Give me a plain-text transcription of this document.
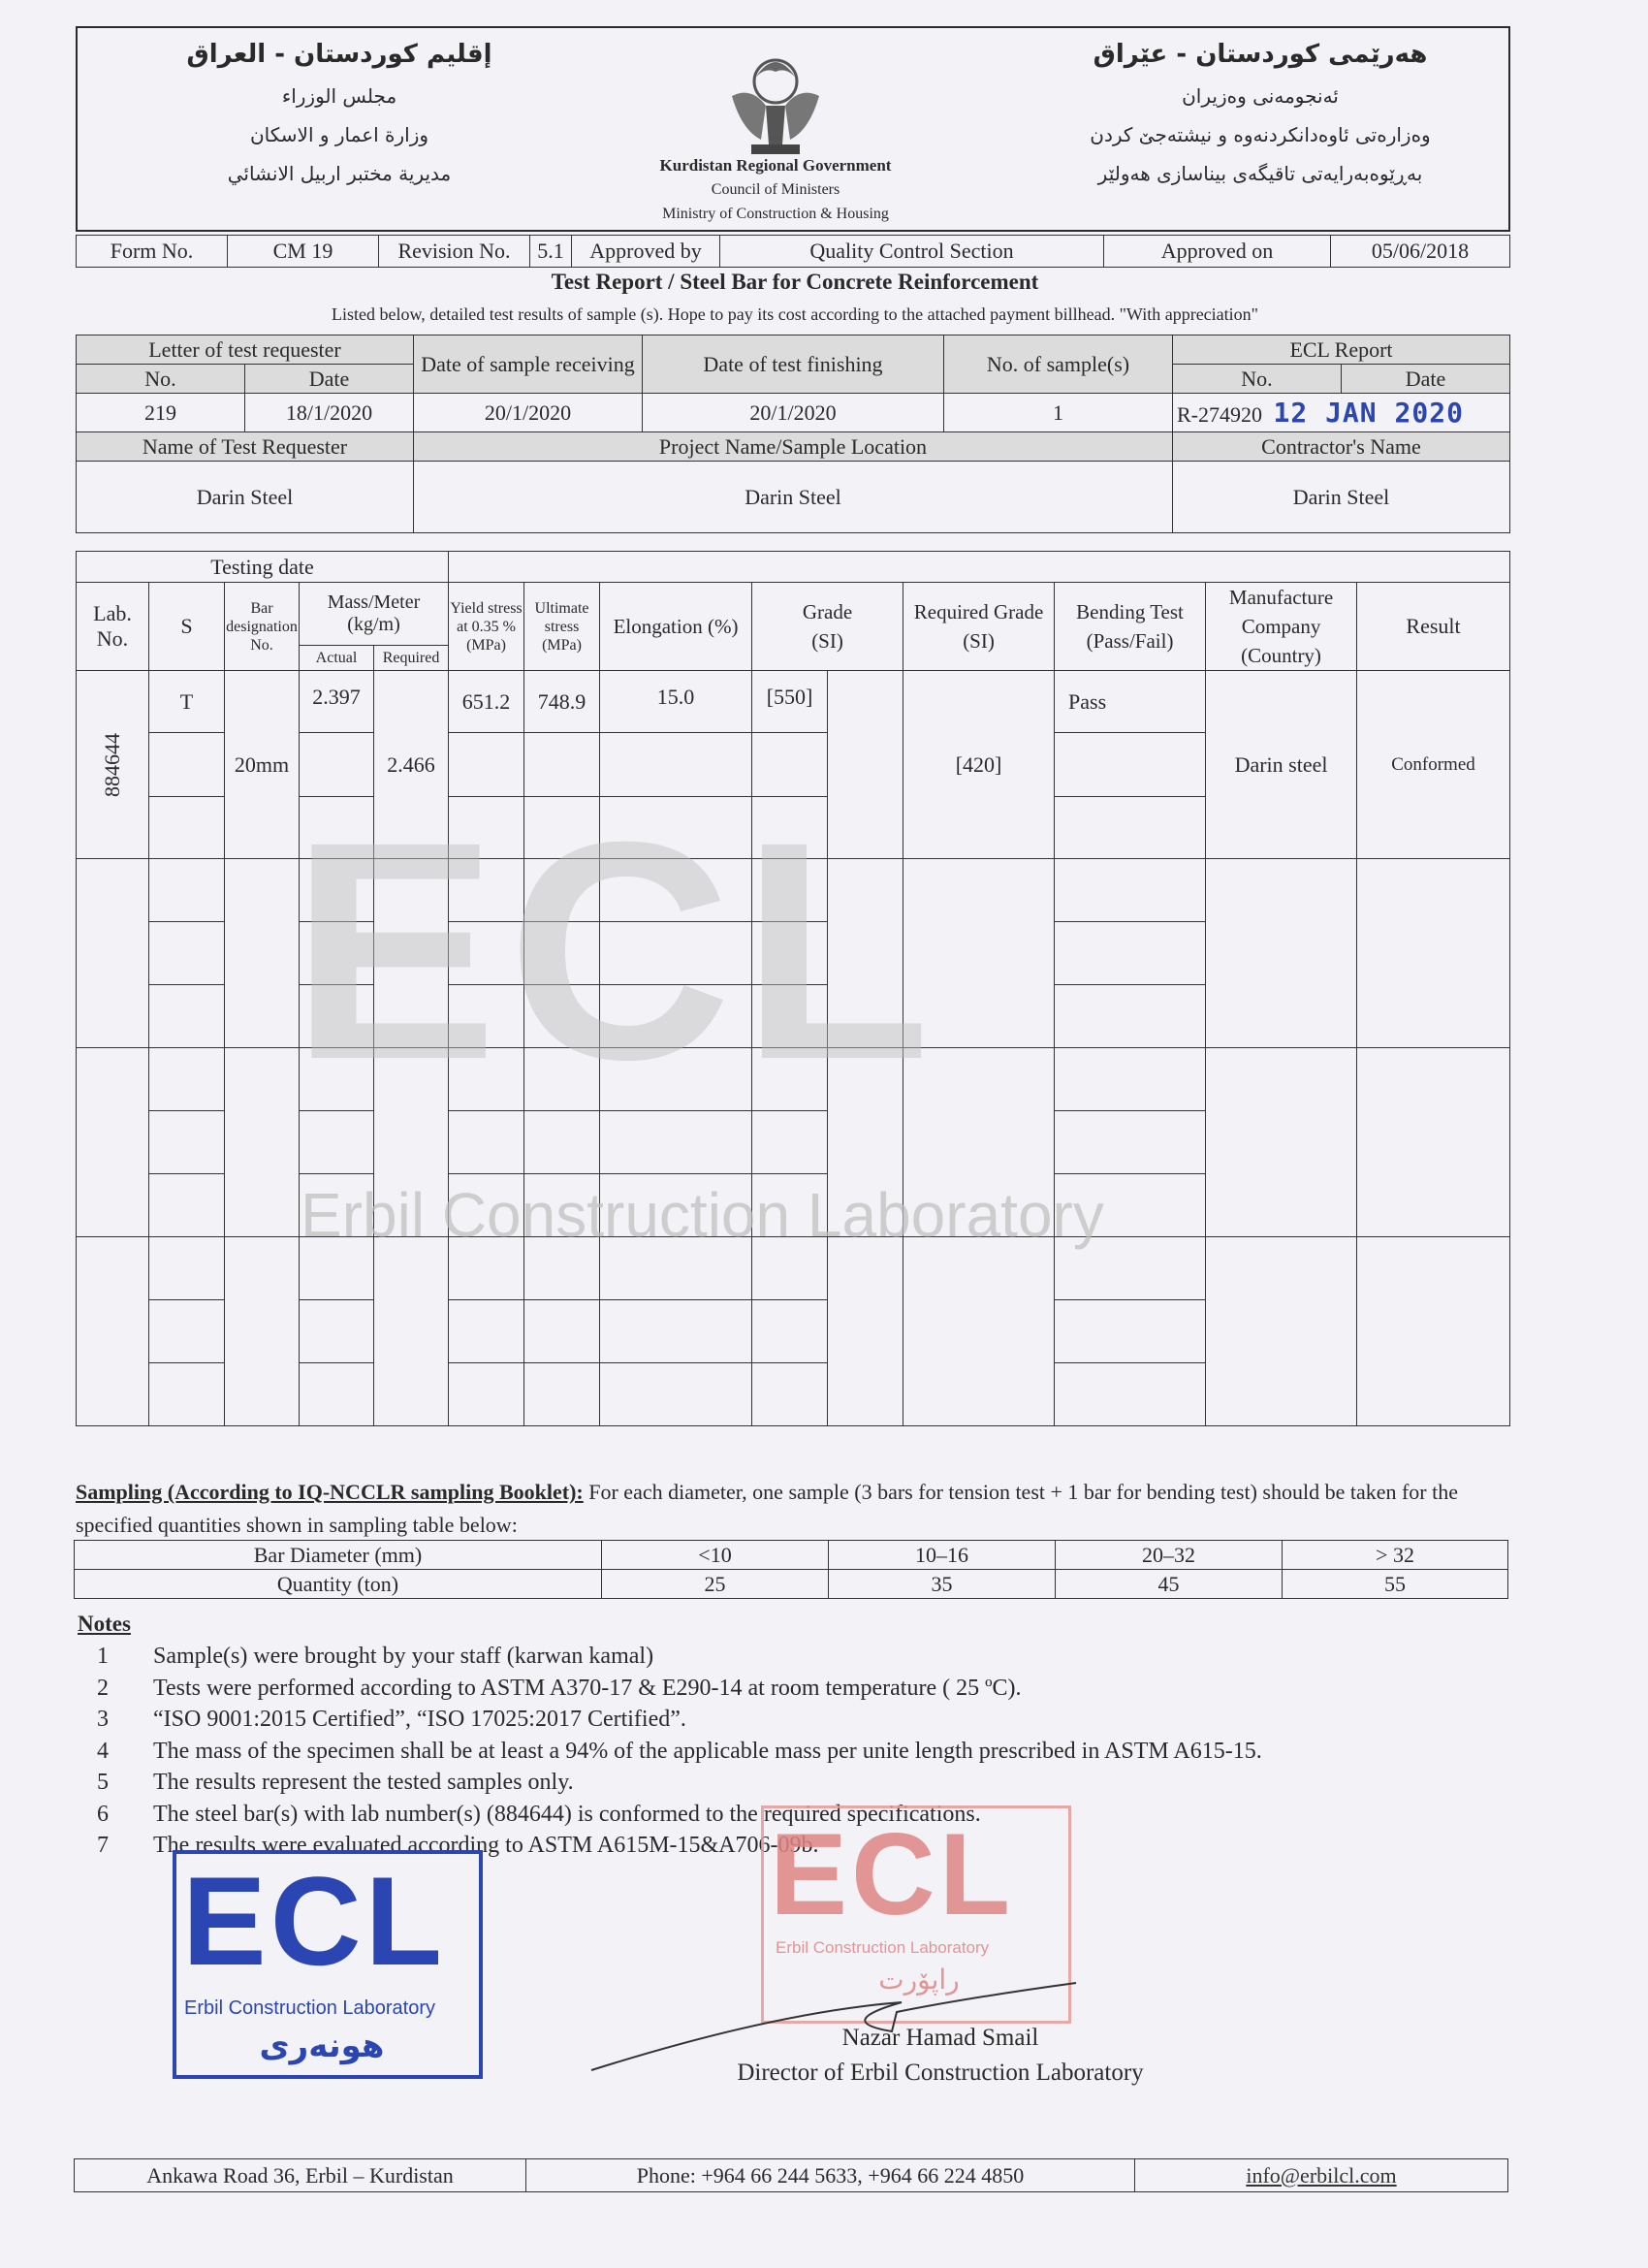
إقليم كوردستان - العراق
مجلس الوزراء
وزارة اعمار و الاسكان
مديرية مختبر اربيل الانشائي	Kurdistan Regional Government
Council of Ministers
Ministry of Construction & Housing
هەرێمی کوردستان - عێراق
ئەنجومەنی وەزیران
وەزارەتی ئاوەدانکردنەوە و نیشتەجێ کردن
بەڕێوەبەرایەتی تاقیگەی بیناسازی هەولێر
Form No.	CM 19	Revision No.	5.1	Approved by	Quality Control Section	Approved on	05/06/2018
Test Report / Steel Bar for Concrete Reinforcement
Listed below, detailed test results of sample (s). Hope to pay its cost according to the attached payment billhead. "With appreciation"
Letter of test requester		Date of sample receiving	Date of test finishing	No. of sample(s)	ECL Report	
No.	Date				No.	Date
219	18/1/2020	20/1/2020	20/1/2020	1	R-274920 12 JAN 2020	
Name of Test Requester		Project Name/Sample Location			Contractor's Name	
Darin Steel		Darin Steel			Darin Steel	
Testing date													
Lab. No.	S	Bar designation No.	Mass/Meter (kg/m)		Yield stress at 0.35 % (MPa)	Ultimate stress (MPa)	Elongation (%)	Grade (SI)		Required Grade (SI)	Bending Test (Pass/Fail)	Manufacture Company (Country)	Result
			Actual	Required									

884644	T	20mm	2.397	2.466	651.2	748.9	15.0	[550]		[420]	Pass	Darin steel	Conformed

ECL
Erbil Construction Laboratory
Sampling (According to IQ-NCCLR sampling Booklet): For each diameter, one sample (3 bars for tension test + 1 bar for bending test) should be taken for the specified quantities shown in sampling table below:
Bar Diameter (mm)	<10	10–16	20–32	> 32
Quantity (ton)	25	35	45	55
Notes
1 Sample(s) were brought by your staff (karwan kamal)
2 Tests were performed according to ASTM A370-17 & E290-14 at room temperature ( 25 ºC).
3 “ISO 9001:2015 Certified”, “ISO 17025:2017 Certified”.
4 The mass of the specimen shall be at least a 94% of the applicable mass per unite length prescribed in ASTM A615-15.
5 The results represent the tested samples only.
6 The steel bar(s) with lab number(s) (884644) is conformed to the required specifications.
7 The results were evaluated according to ASTM A615M-15&A706-09b.
ECL
Erbil Construction Laboratory
هونەری
ECL
Erbil Construction Laboratory
راپۆرت
Nazar Hamad Smail
Director of Erbil Construction Laboratory
Ankawa Road 36, Erbil – Kurdistan	Phone: +964 66 244 5633, +964 66 224 4850	info@erbilcl.com
